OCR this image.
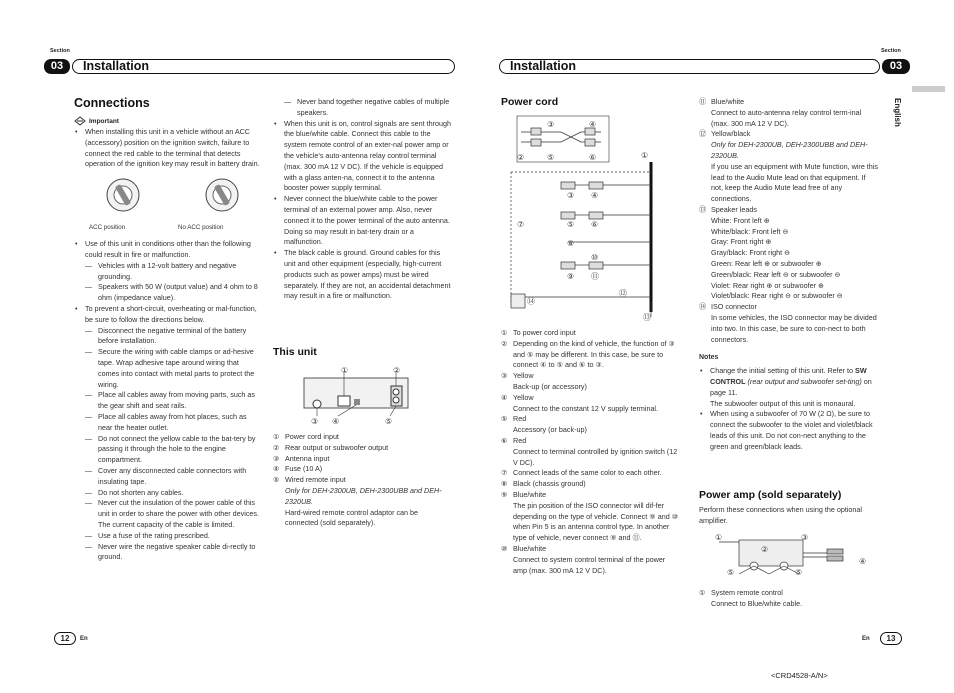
Section
03	Installation	Installation
Section
03
English
Connections
Important
• When installing this unit in a vehicle without an ACC (accessory) position on the ignition switch, failure to connect the red cable to the terminal that detects operation of the ignition key may result in battery drain.
ACC position	No ACC position
• Use of this unit in conditions other than the following could result in fire or malfunction.
— Vehicles with a 12-volt battery and negative grounding.
— Speakers with 50 W (output value) and 4 ohm to 8 ohm (impedance value).
• To prevent a short-circuit, overheating or mal-function, be sure to follow the directions below.
— Disconnect the negative terminal of the battery before installation.
— Secure the wiring with cable clamps or ad-hesive tape. Wrap adhesive tape around wiring that comes into contact with metal parts to protect the wiring.
— Place all cables away from moving parts, such as the gear shift and seat rails.
— Place all cables away from hot places, such as near the heater outlet.
— Do not connect the yellow cable to the bat-tery by passing it through the hole to the engine compartment.
— Cover any disconnected cable connectors with insulating tape.
— Do not shorten any cables.
— Never cut the insulation of the power cable of this unit in order to share the power with other devices. The current capacity of the cable is limited.
— Use a fuse of the rating prescribed.
— Never wire the negative speaker cable di-rectly to ground.
— Never band together negative cables of multiple speakers.
• When this unit is on, control signals are sent through the blue/white cable. Connect this cable to the system remote control of an exter-nal power amp or the vehicle’s auto-antenna relay control terminal (max. 300 mA 12 V DC). If the vehicle is equipped with a glass anten-na, connect it to the antenna booster power supply terminal.
• Never connect the blue/white cable to the power terminal of an external power amp. Also, never connect it to the power terminal of the auto antenna. Doing so may result in bat-tery drain or a malfunction.
• The black cable is ground. Ground cables for this unit and other equipment (especially, high-current products such as power amps) must be wired separately. If they are not, an accidental detachment may result in a fire or malfunction.
This unit
①	②
③ ④	⑤
① Power cord input
② Rear output or subwoofer output
③ Antenna input
④ Fuse (10 A)
⑤ Wired remote input

Only for DEH-2300UB, DEH-2300UBB and DEH-2320UB.

Hard-wired remote control adaptor can be connected (sold separately).

Power cord
③	④
②	⑤	⑥	①
③ ④
⑦	⑤ ⑥
⑧
⑩
⑨ ⑪
⑫
⑭
⑬
① To power cord input
② Depending on the kind of vehicle, the function of ③ and ⑤ may be different. In this case, be sure to connect ④ to ⑤ and ⑥ to ③.
③ Yellow

Back-up (or accessory)

④ Yellow

Connect to the constant 12 V supply terminal.

⑤ Red

Accessory (or back-up)

⑥ Red

Connect to terminal controlled by ignition switch (12 V DC).

⑦ Connect leads of the same color to each other.
⑧ Black (chassis ground)
⑨ Blue/white

The pin position of the ISO connector will dif-fer depending on the type of vehicle. Connect ⑨ and ⑩ when Pin 5 is an antenna control type. In another type of vehicle, never connect ⑨ and ⑪.

⑩ Blue/white

Connect to system control terminal of the power amp (max. 300 mA 12 V DC).

⑪ Blue/white

Connect to auto-antenna relay control term-inal (max. 300 mA 12 V DC).

⑫ Yellow/black

Only for DEH-2300UB, DEH-2300UBB and DEH-2320UB.

If you use an equipment with Mute function, wire this lead to the Audio Mute lead on that equipment. If not, keep the Audio Mute lead free of any connections.

⑬ Speaker leads

White: Front left ⊕

White/black: Front left ⊖

Gray: Front right ⊕

Gray/black: Front right ⊖

Green: Rear left ⊕ or subwoofer ⊕

Green/black: Rear left ⊖ or subwoofer ⊖

Violet: Rear right ⊕ or subwoofer ⊕

Violet/black: Rear right ⊖ or subwoofer ⊖

⑭ ISO connector

In some vehicles, the ISO connector may be divided into two. In this case, be sure to con-nect to both connectors.

Notes
• Change the initial setting of this unit. Refer to SW CONTROL (rear output and subwoofer set-ting) on page 11.

The subwoofer output of this unit is monaural.

• When using a subwoofer of 70 W (2 Ω), be sure to connect the subwoofer to the violet and violet/black leads of this unit. Do not con-nect anything to the green and green/black leads.
Power amp (sold separately)
Perform these connections when using the optional amplifier.
①
②
③
④
⑤	⑤
① System remote control

Connect to Blue/white cable.

12	En	En	13
<CRD4528-A/N>
